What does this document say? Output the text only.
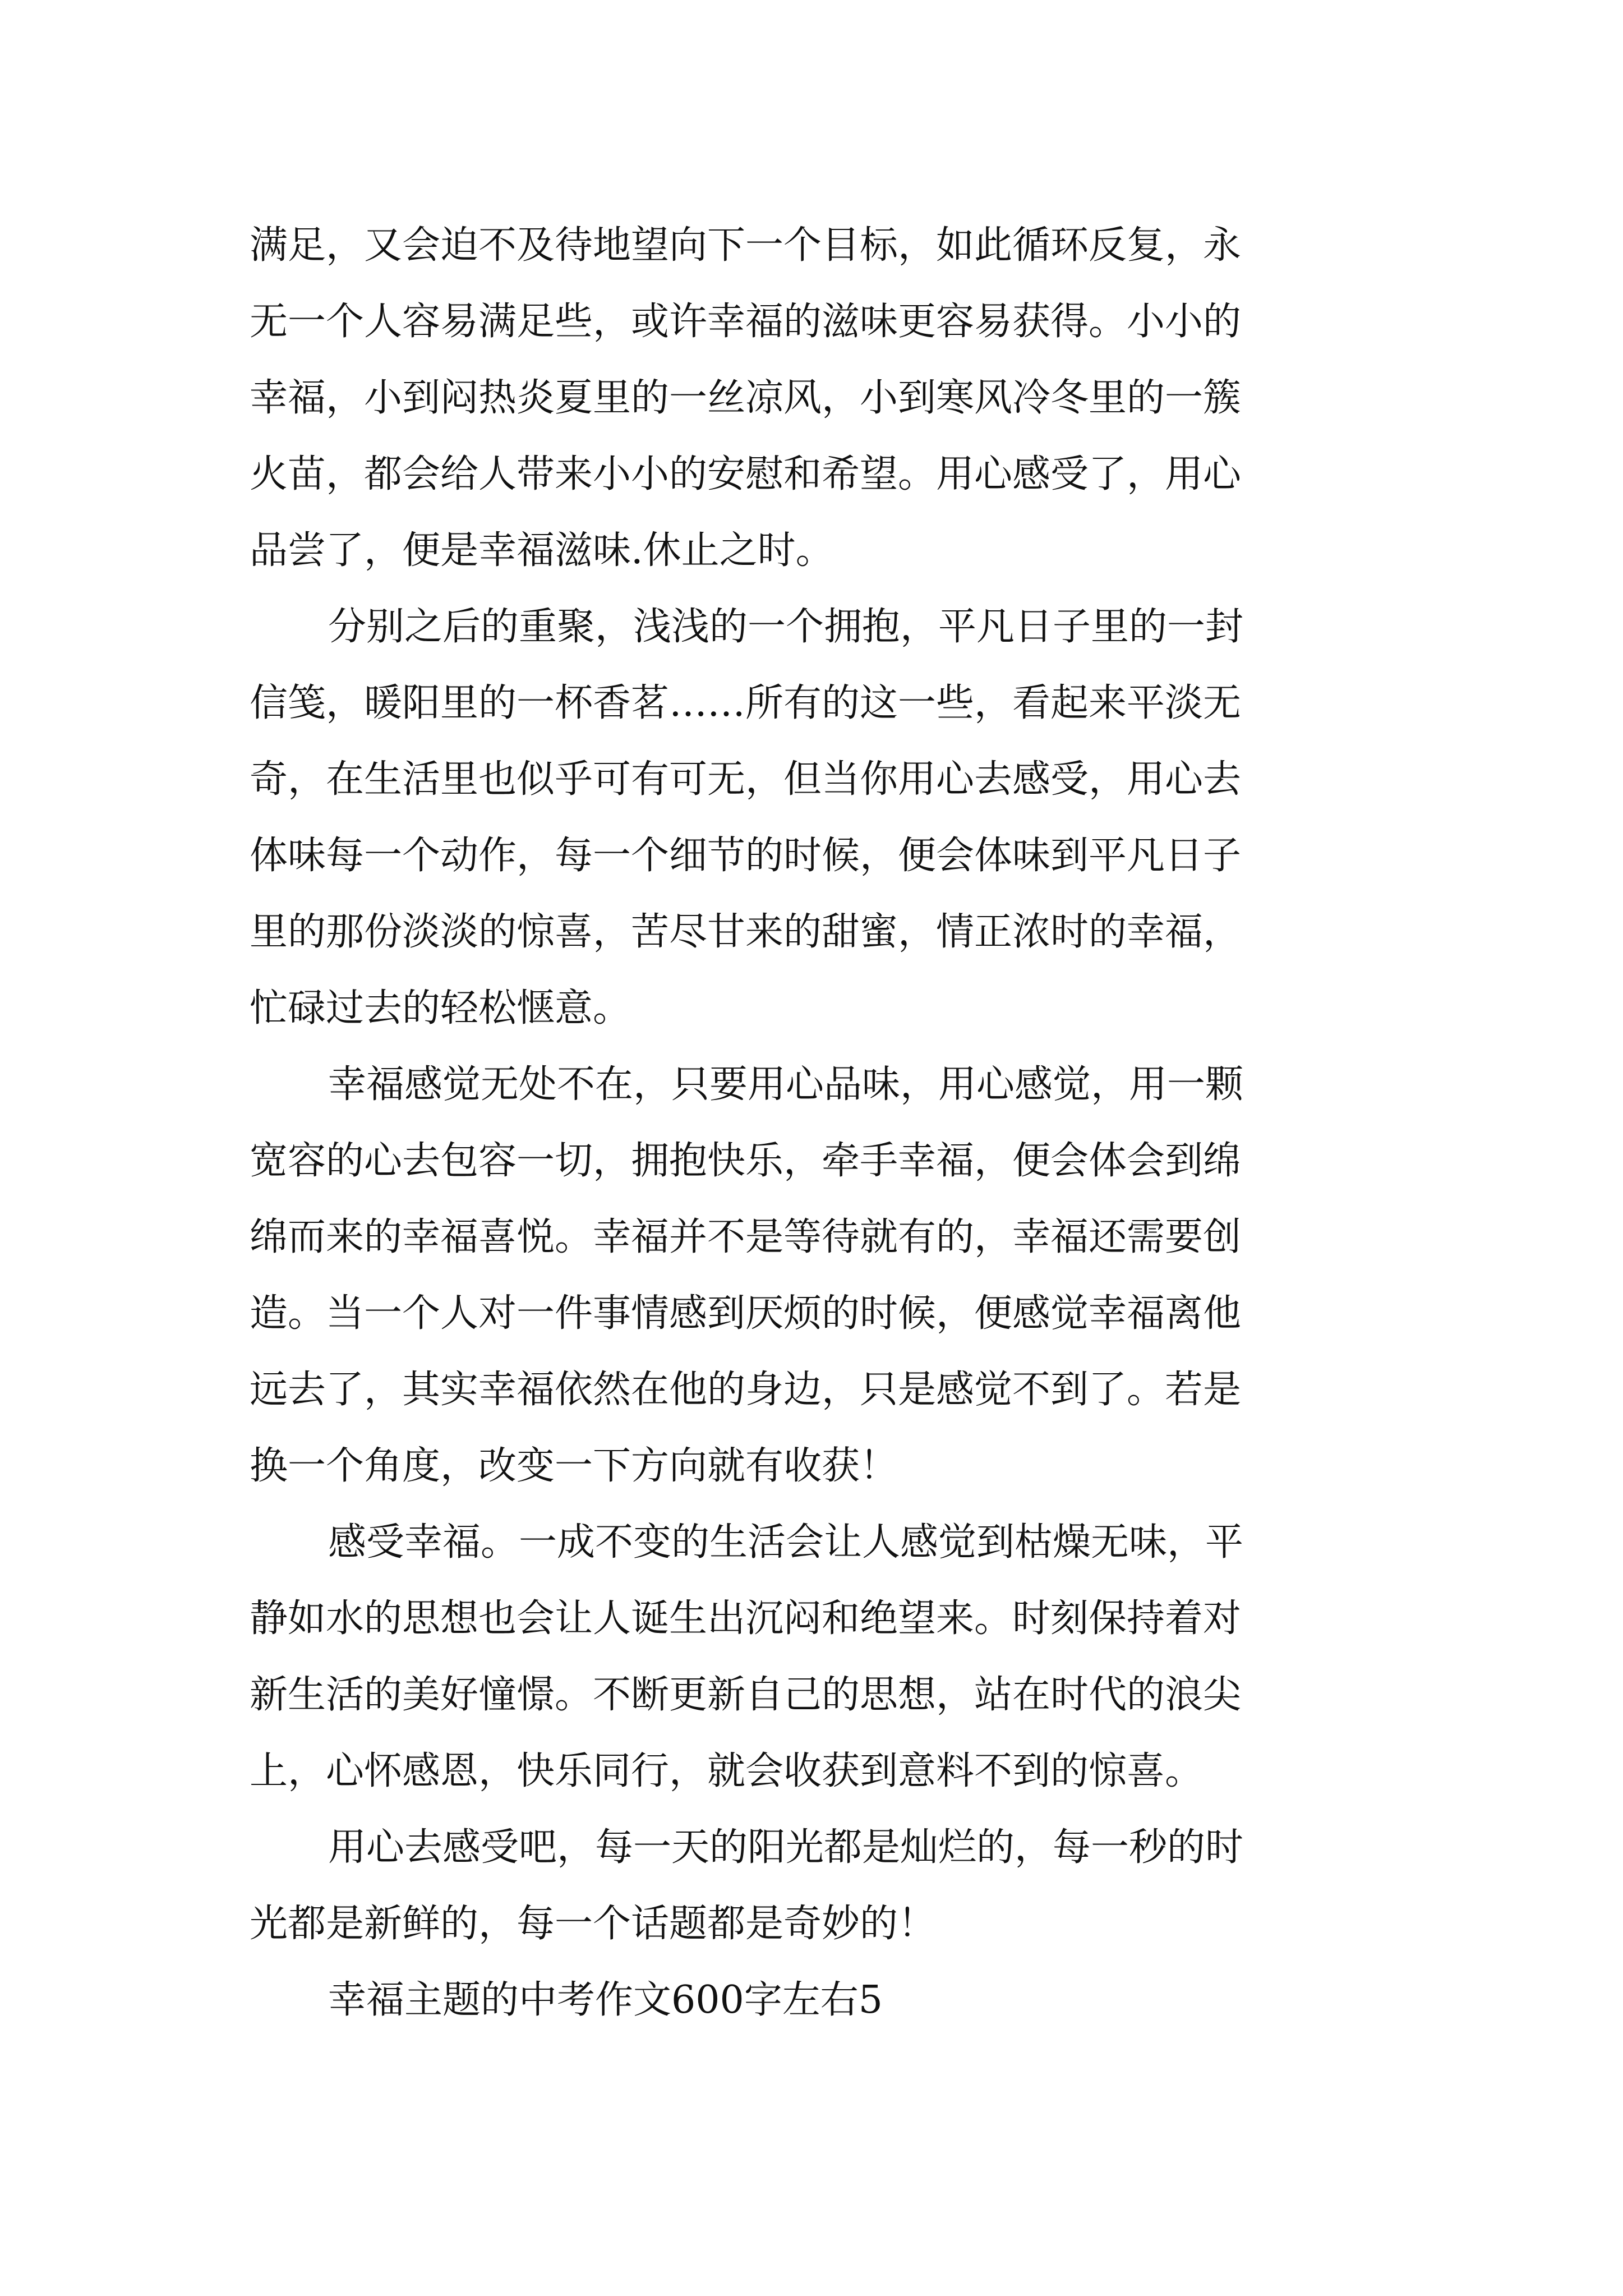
满足，又会迫不及待地望向下一个目标，如此循环反复，永
无一个人容易满足些，或许幸福的滋味更容易获得。小小的
幸福，小到闷热炎夏里的一丝凉风，小到寒风冷冬里的一簇
火苗，都会给人带来小小的安慰和希望。用心感受了，用心
品尝了，便是幸福滋味.休止之时。
分别之后的重聚，浅浅的一个拥抱，平凡日子里的一封
信笺，暖阳里的一杯香茗……所有的这一些，看起来平淡无
奇，在生活里也似乎可有可无，但当你用心去感受，用心去
体味每一个动作，每一个细节的时候，便会体味到平凡日子
里的那份淡淡的惊喜，苦尽甘来的甜蜜，情正浓时的幸福，
忙碌过去的轻松惬意。
幸福感觉无处不在，只要用心品味，用心感觉，用一颗
宽容的心去包容一切，拥抱快乐，牵手幸福，便会体会到绵
绵而来的幸福喜悦。幸福并不是等待就有的，幸福还需要创
造。当一个人对一件事情感到厌烦的时候，便感觉幸福离他
远去了，其实幸福依然在他的身边，只是感觉不到了。若是
换一个角度，改变一下方向就有收获！
感受幸福。一成不变的生活会让人感觉到枯燥无味，平
静如水的思想也会让人诞生出沉闷和绝望来。时刻保持着对
新生活的美好憧憬。不断更新自己的思想，站在时代的浪尖
上，心怀感恩，快乐同行，就会收获到意料不到的惊喜。
用心去感受吧，每一天的阳光都是灿烂的，每一秒的时
光都是新鲜的，每一个话题都是奇妙的！
幸福主题的中考作文600字左右5
